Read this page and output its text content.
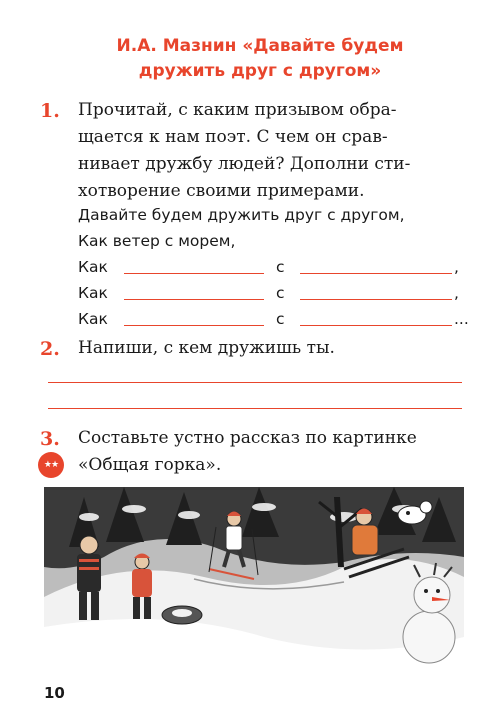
И.А. Мазнин «Давайте будем
дружить друг с другом»
1. Прочитай, с каким призывом обра-
щается к нам поэт. С чем он срав-
нивает дружбу людей? Дополни сти-
хотворение своими примерами.
Давайте будем дружить друг с другом,
Как ветер с морем,
Как	с	,
Как	с	,
Как	с	...
2. Напиши, с кем дружишь ты.
3. Составьте устно рассказ по картинке
«Общая горка».
★★
10
